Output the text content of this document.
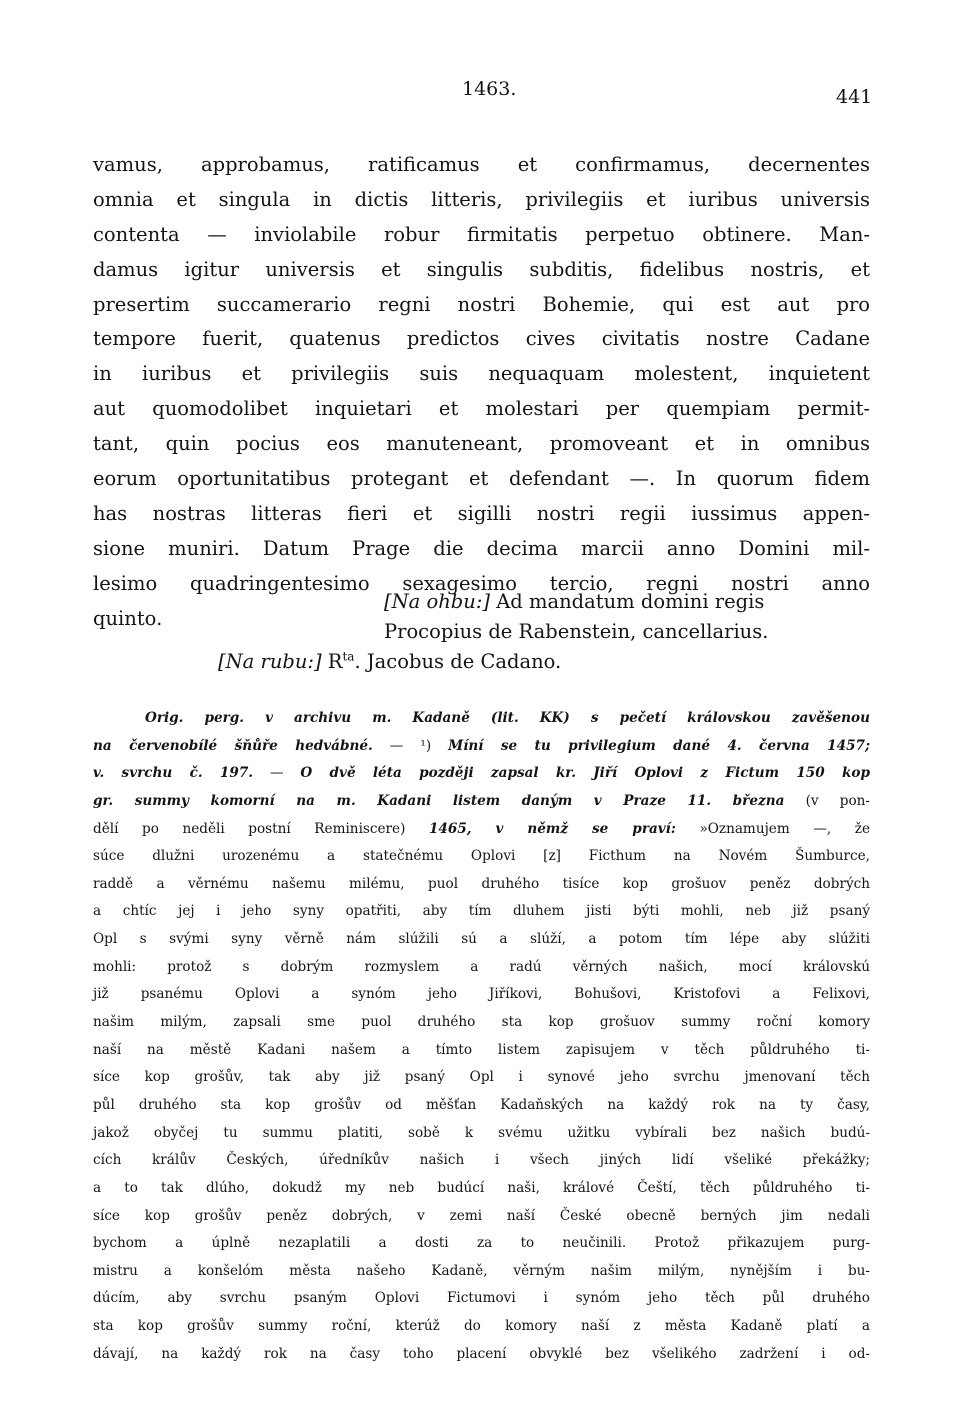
1463.	441
vamus, approbamus, ratificamus et confirmamus, decernentes
omnia et singula in dictis litteris, privilegiis et iuribus universis
contenta — inviolabile robur firmitatis perpetuo obtinere. Man-
damus igitur universis et singulis subditis, fidelibus nostris, et
presertim succamerario regni nostri Bohemie, qui est aut pro
tempore fuerit, quatenus predictos cives civitatis nostre Cadane
in iuribus et privilegiis suis nequaquam molestent, inquietent
aut quomodolibet inquietari et molestari per quempiam permit-
tant, quin pocius eos manuteneant, promoveant et in omnibus
eorum oportunitatibus protegant et defendant —. In quorum fidem
has nostras litteras fieri et sigilli nostri regii iussimus appen-
sione muniri. Datum Prage die decima marcii anno Domini mil-
lesimo quadringentesimo sexagesimo tercio, regni nostri anno
quinto.
[Na ohbu:] Ad mandatum domini regis
Procopius de Rabenstein, cancellarius.
[Na rubu:] $R^{ta}$. Jacobus de Cadano.
Orig. perg. v archivu m. Kadaně (lit. KK) s pečetí královskou zavěšenou
na červenobílé šňůře hedvábné. — ¹) Míní se tu privilegium dané 4. června 1457;
v. svrchu č. 197. — O dvě léta později zapsal kr. Jiří Oplovi z Fictum 150 kop
gr. summy komorní na m. Kadani listem daným v Praze 11. března (v pon-
dělí po neděli postní Reminiscere) 1465, v němž se praví: »Oznamujem —, že
súce dlužni urozenému a statečnému Oplovi [z] Ficthum na Novém Šumburce,
raddě a věrnému našemu milému, puol druhého tisíce kop grošuov peněz dobrých
a chtíc jej i jeho syny opatřiti, aby tím dluhem jisti býti mohli, neb již psaný
Opl s svými syny věrně nám slúžili sú a slúží, a potom tím lépe aby slúžiti
mohli: protož s dobrým rozmyslem a radú věrných našich, mocí královskú
již psanému Oplovi a synóm jeho Jiříkovi, Bohušovi, Kristofovi a Felixovi,
našim milým, zapsali sme puol druhého sta kop grošuov summy roční komory
naší na městě Kadani našem a tímto listem zapisujem v těch půldruhého ti-
síce kop grošův, tak aby již psaný Opl i synové jeho svrchu jmenovaní těch
půl druhého sta kop grošův od měšťan Kadaňských na každý rok na ty časy,
jakož obyčej tu summu platiti, sobě k svému užitku vybírali bez našich budú-
cích králův Českých, úředníkův našich i všech jiných lidí všeliké překážky;
a to tak dlúho, dokudž my neb budúcí naši, králové Čeští, těch půldruhého ti-
síce kop grošův peněz dobrých, v zemi naší České obecně berných jim nedali
bychom a úplně nezaplatili a dosti za to neučinili. Protož přikazujem purg-
mistru a konšelóm města našeho Kadaně, věrným našim milým, nynějším i bu-
dúcím, aby svrchu psaným Oplovi Fictumovi i synóm jeho těch půl druhého
sta kop grošův summy roční, kterúž do komory naší z města Kadaně platí a
dávají, na každý rok na časy toho placení obvyklé bez všelikého zadržení i od-
